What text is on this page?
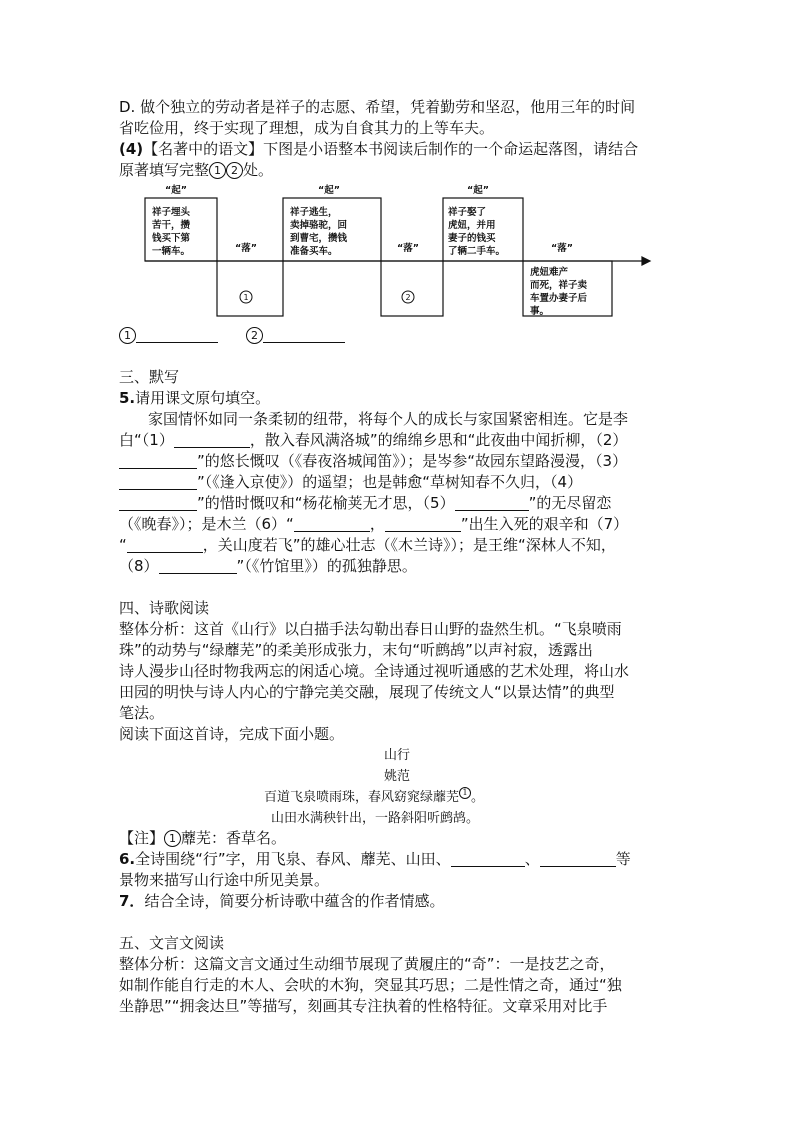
D. 做个独立的劳动者是祥子的志愿、希望，凭着勤劳和坚忍，他用三年的时间
省吃俭用，终于实现了理想，成为自食其力的上等车夫。
(4)【名著中的语文】下图是小语整本书阅读后制作的一个命运起落图，请结合
原著填写完整 1 2 处。
“起”	“起”	“起”
“落”	“落”	“落”
祥子埋头
苦干，攒
钱买下第
一辆车。
祥子逃生，
卖掉骆驼，回
到曹宅，攒钱
准备买车。
祥子娶了
虎妞，并用
妻子的钱买
了辆二手车。
虎妞难产
而死，祥子卖
车置办妻子后
事。
1	2
1	2
三、默写
5.请用课文原句填空。
家国情怀如同一条柔韧的纽带，将每个人的成长与家国紧密相连。它是李
白“（1）	，散入春风满洛城”的绵绵乡思和“此夜曲中闻折柳，（2）
”的悠长慨叹（《春夜洛城闻笛》）；是岑参“故园东望路漫漫，（3）
”（《逢入京使》）的遥望；也是韩愈“草树知春不久归，（4）
”的惜时慨叹和“杨花榆荚无才思，（5）	”的无尽留恋
（《晚春》）；是木兰（6）“	，	”出生入死的艰辛和（7）
“	，关山度若飞”的雄心壮志（《木兰诗》）；是王维“深林人不知，
（8）	”（《竹馆里》）的孤独静思。
四、诗歌阅读
整体分析：这首《山行》以白描手法勾勒出春日山野的盎然生机。“飞泉喷雨
珠”的动势与“绿蘼芜”的柔美形成张力，末句“听鹧鸪”以声衬寂，透露出
诗人漫步山径时物我两忘的闲适心境。全诗通过视听通感的艺术处理，将山水
田园的明快与诗人内心的宁静完美交融，展现了传统文人“以景达情”的典型
笔法。
阅读下面这首诗，完成下面小题。
山行
姚范
百道飞泉喷雨珠，春风窈窕绿蘼芜 1 。
山田水满秧针出，一路斜阳听鹧鸪。
【注】 1 蘼芜：香草名。
6.全诗围绕“行”字，用飞泉、春风、蘼芜、山田、	、	等
景物来描写山行途中所见美景。
7．结合全诗，简要分析诗歌中蕴含的作者情感。
五、文言文阅读
整体分析：这篇文言文通过生动细节展现了黄履庄的“奇”：一是技艺之奇，
如制作能自行走的木人、会吠的木狗，突显其巧思；二是性情之奇，通过“独
坐静思”“拥衾达旦”等描写，刻画其专注执着的性格特征。文章采用对比手
